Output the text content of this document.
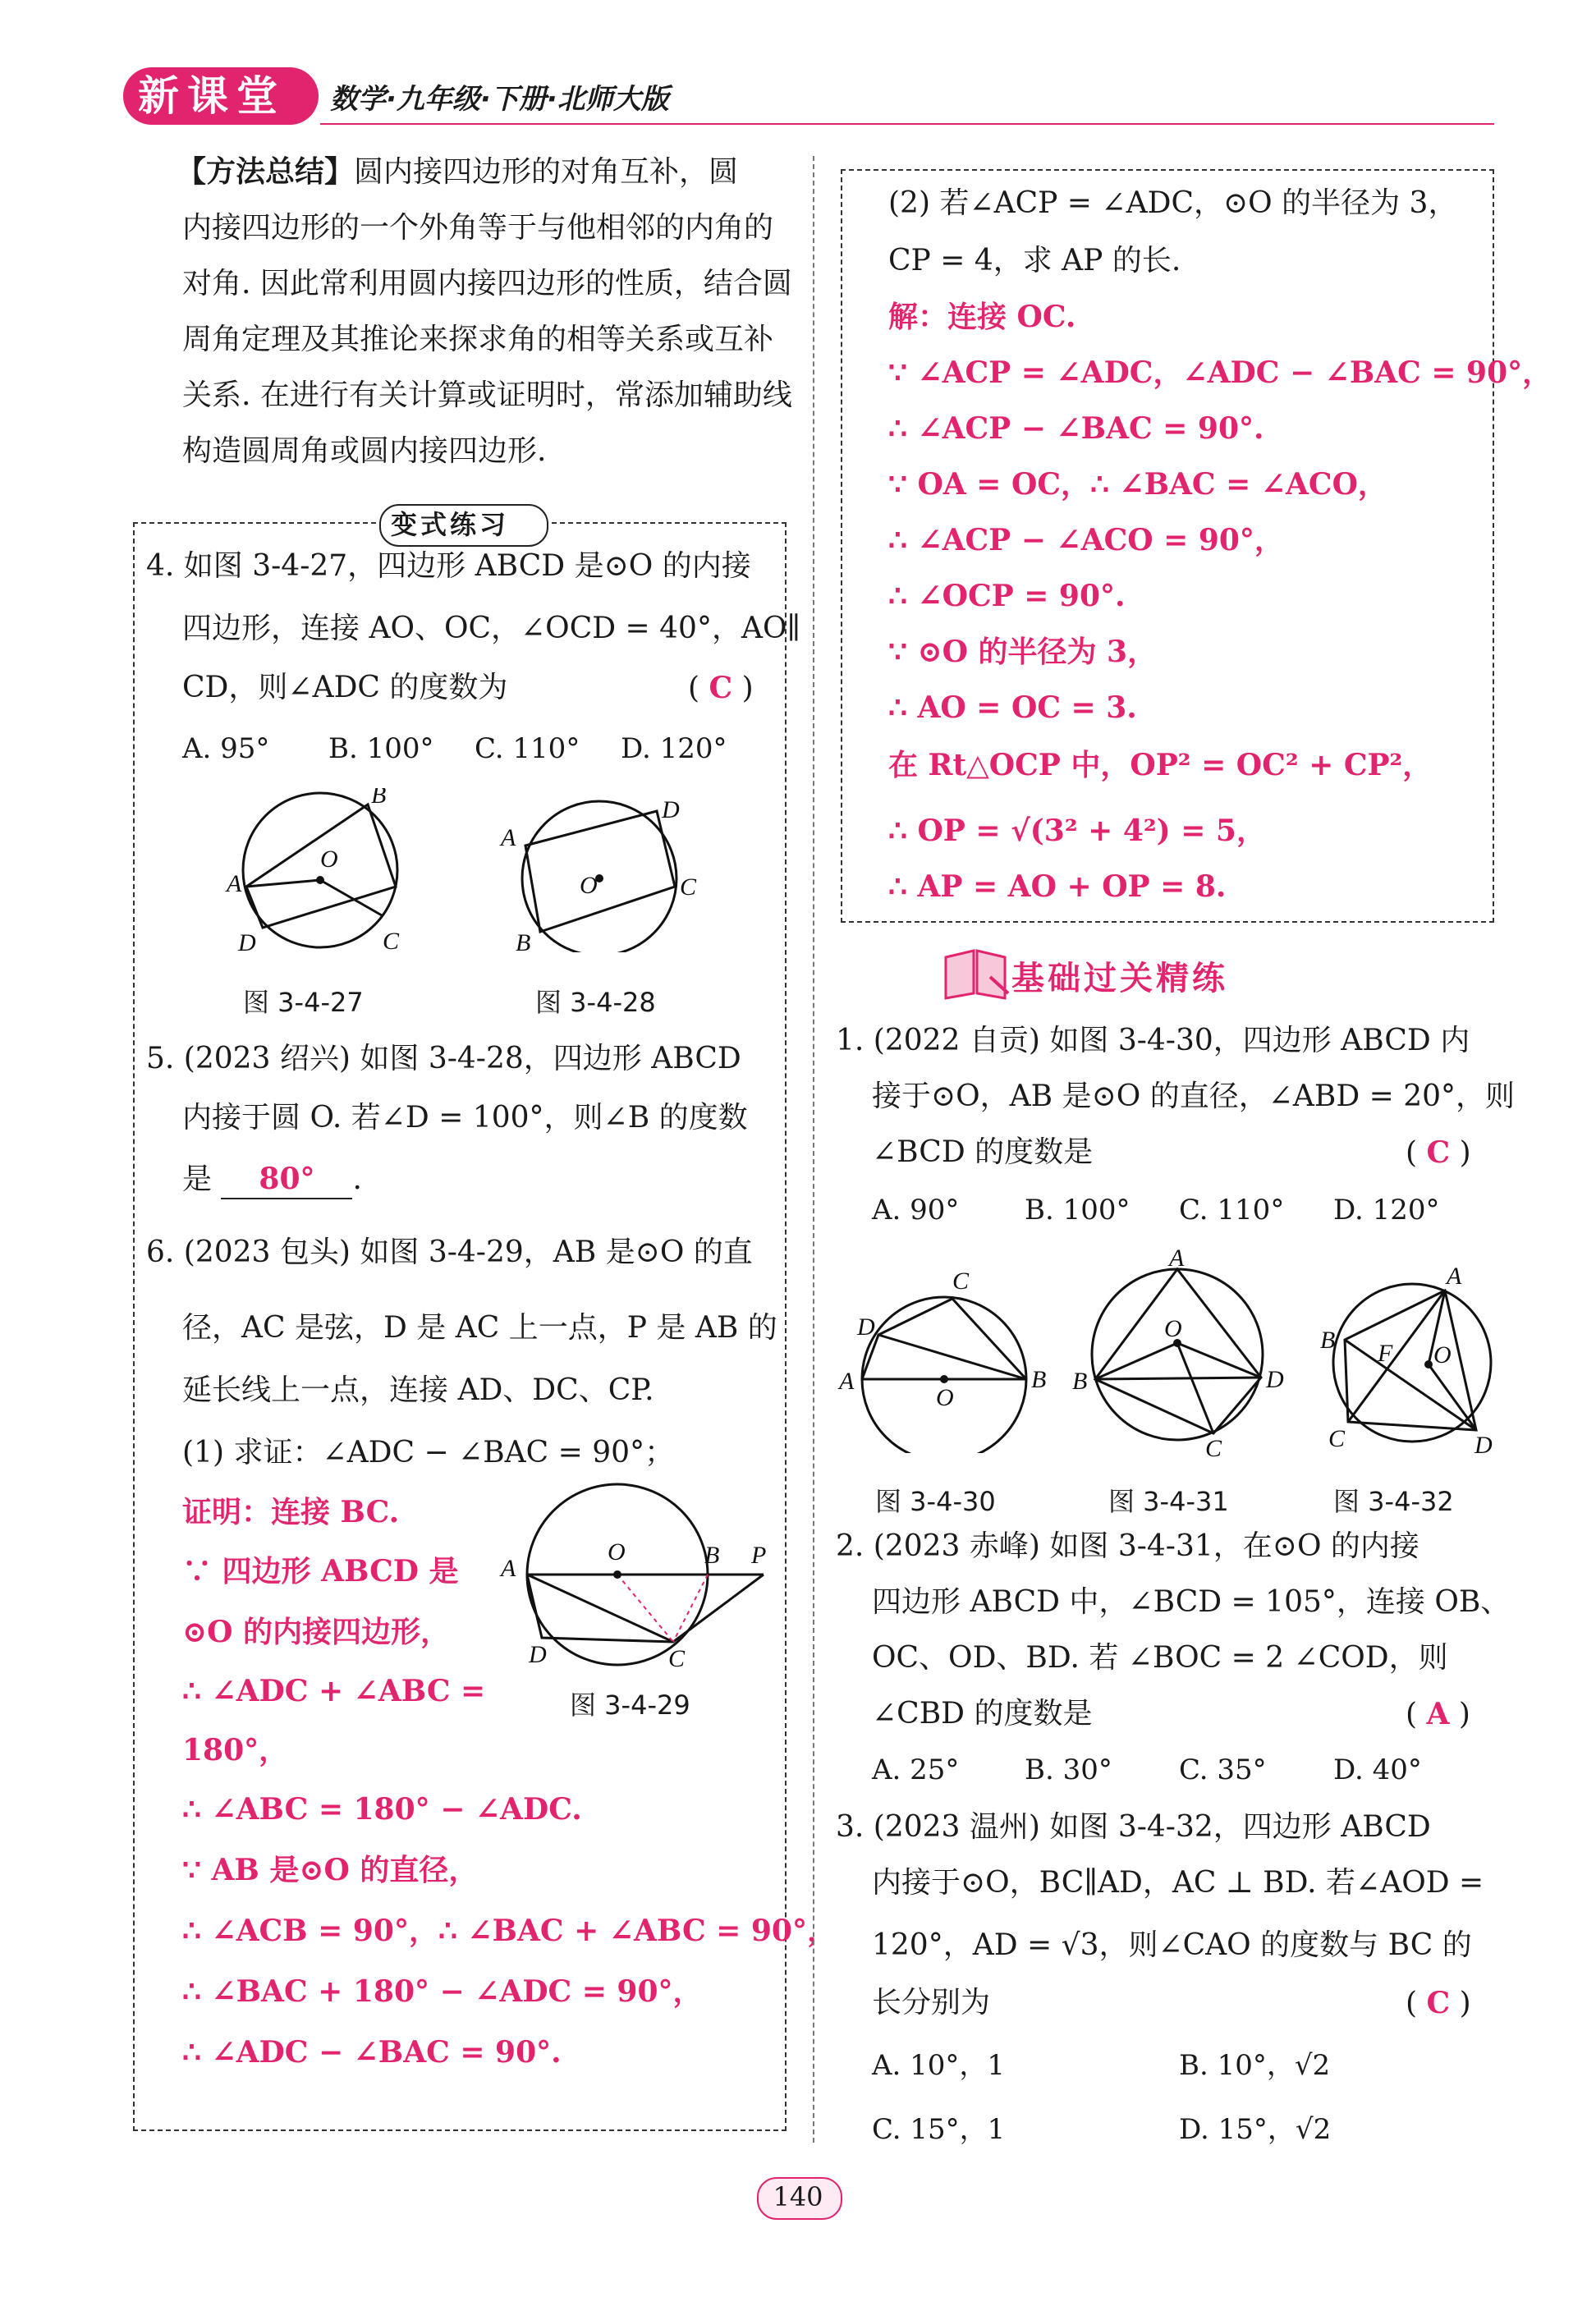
新课堂 数学·九年级·下册·北师大版
【方法总结】圆内接四边形的对角互补，圆
内接四边形的一个外角等于与他相邻的内角的
对角. 因此常利用圆内接四边形的性质，结合圆
周角定理及其推论来探求角的相等关系或互补
关系. 在进行有关计算或证明时，常添加辅助线
构造圆周角或圆内接四边形.
变式练习
4. 如图 3-4-27，四边形 ABCD 是⊙O 的内接
四边形，连接 AO、OC，∠OCD = 40°，AO∥
CD，则∠ADC 的度数为	( C )
A. 95° B. 100° C. 110° D. 120°
A
B
O
D	C
A
D
O	C
B
图 3-4-27	图 3-4-28
5. (2023 绍兴) 如图 3-4-28，四边形 ABCD
内接于圆 O. 若∠D = 100°，则∠B 的度数
是 80° .
6. (2023 包头) 如图 3-4-29，AB 是⊙O 的直
径，AC 是弦，D 是 AC 上一点，P 是 AB 的
延长线上一点，连接 AD、DC、CP.
(1) 求证：∠ADC − ∠BAC = 90°；
证明：连接 BC.
∵ 四边形 ABCD 是
⊙O 的内接四边形，
∴ ∠ADC + ∠ABC =
180°，
∴ ∠ABC = 180° − ∠ADC.
∵ AB 是⊙O 的直径，
∴ ∠ACB = 90°，∴ ∠BAC + ∠ABC = 90°，
∴ ∠BAC + 180° − ∠ADC = 90°，
∴ ∠ADC − ∠BAC = 90°.
A
O	B P
D	C
图 3-4-29
(2) 若∠ACP = ∠ADC，⊙O 的半径为 3，
CP = 4，求 AP 的长.
解：连接 OC.
∵ ∠ACP = ∠ADC，∠ADC − ∠BAC = 90°，
∴ ∠ACP − ∠BAC = 90°.
∵ OA = OC，∴ ∠BAC = ∠ACO，
∴ ∠ACP − ∠ACO = 90°，
∴ ∠OCP = 90°.
∵ ⊙O 的半径为 3，
∴ AO = OC = 3.
在 Rt△OCP 中，OP² = OC² + CP²，
∴ OP = √(3² + 4²) = 5，
∴ AP = AO + OP = 8.
基础过关精练
1. (2022 自贡) 如图 3-4-30，四边形 ABCD 内
接于⊙O，AB 是⊙O 的直径，∠ABD = 20°，则
∠BCD 的度数是	( C )
A. 90° B. 100° C. 110° D. 120°
A
D
C
B
O
A
O
B	D
C
A
B F O
C	D
图 3-4-30	图 3-4-31	图 3-4-32
2. (2023 赤峰) 如图 3-4-31，在⊙O 的内接
四边形 ABCD 中，∠BCD = 105°，连接 OB、
OC、OD、BD. 若 ∠BOC = 2 ∠COD，则
∠CBD 的度数是	( A )
A. 25° B. 30° C. 35° D. 40°
3. (2023 温州) 如图 3-4-32，四边形 ABCD
内接于⊙O，BC∥AD，AC ⊥ BD. 若∠AOD =
120°，AD = √3，则∠CAO 的度数与 BC 的
长分别为	( C )
A. 10°，1	B. 10°，√2
C. 15°，1	D. 15°，√2
140
